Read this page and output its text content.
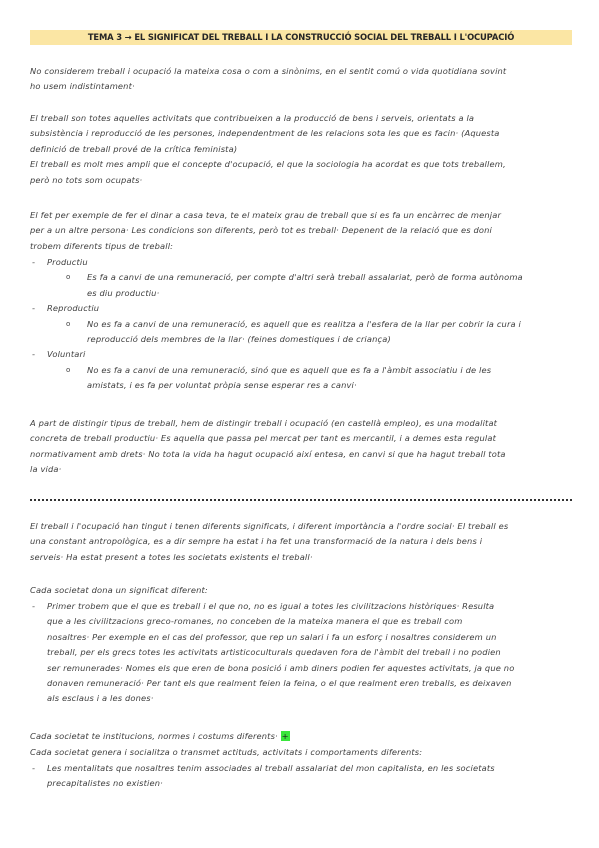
TEMA 3 → EL SIGNIFICAT DEL TREBALL I LA CONSTRUCCIÓ SOCIAL DEL TREBALL I L'OCUPACIÓ
No considerem treball i ocupació la mateixa cosa o com a sinònims, en el sentit comú o vida quotidiana sovint
ho usem indistintament·
El treball son totes aquelles activitats que contribueixen a la producció de bens i serveis, orientats a la
subsistència i reproducció de les persones, independentment de les relacions sota les que es facin· (Aquesta
definició de treball prové de la crítica feminista)
El treball es molt mes ampli que el concepte d'ocupació, el que la sociologia ha acordat es que tots treballem,
però no tots som ocupats·
El fet per exemple de fer el dinar a casa teva, te el mateix grau de treball que si es fa un encàrrec de menjar
per a un altre persona· Les condicions son diferents, però tot es treball· Depenent de la relació que es doni
trobem diferents tipus de treball:
-	Productiu
o	Es fa a canvi de una remuneració, per compte d'altri serà treball assalariat, però de forma autònoma
es diu productiu·
-	Reproductiu
o	No es fa a canvi de una remuneració, es aquell que es realitza a l'esfera de la llar per cobrir la cura i
reproducció dels membres de la llar· (feines domestiques i de criança)
-	Voluntari
o	No es fa a canvi de una remuneració, sinó que es aquell que es fa a l'àmbit associatiu i de les
amistats, i es fa per voluntat pròpia sense esperar res a canvi·
A part de distingir tipus de treball, hem de distingir treball i ocupació (en castellà empleo), es una modalitat
concreta de treball productiu· Es aquella que passa pel mercat per tant es mercantil, i a demes esta regulat
normativament amb drets· No tota la vida ha hagut ocupació així entesa, en canvi si que ha hagut treball tota
la vida·
El treball i l'ocupació han tingut i tenen diferents significats, i diferent importància a l'ordre social· El treball es
una constant antropològica, es a dir sempre ha estat i ha fet una transformació de la natura i dels bens i
serveis· Ha estat present a totes les societats existents el treball·
Cada societat dona un significat diferent:
-	Primer trobem que el que es treball i el que no, no es igual a totes les civilitzacions històriques· Resulta
que a les civilitzacions greco-romanes, no conceben de la mateixa manera el que es treball com
nosaltres· Per exemple en el cas del professor, que rep un salari i fa un esforç i nosaltres considerem un
treball, per els grecs totes les activitats artisticoculturals quedaven fora de l'àmbit del treball i no podien
ser remunerades· Nomes els que eren de bona posició i amb diners podien fer aquestes activitats, ja que no
donaven remuneració· Per tant els que realment feien la feina, o el que realment eren treballs, es deixaven
als esclaus i a les dones·
Cada societat te institucions, normes i costums diferents· +
Cada societat genera i socialitza o transmet actituds, activitats i comportaments diferents:
-	Les mentalitats que nosaltres tenim associades al treball assalariat del mon capitalista, en les societats
precapitalistes no existien·
